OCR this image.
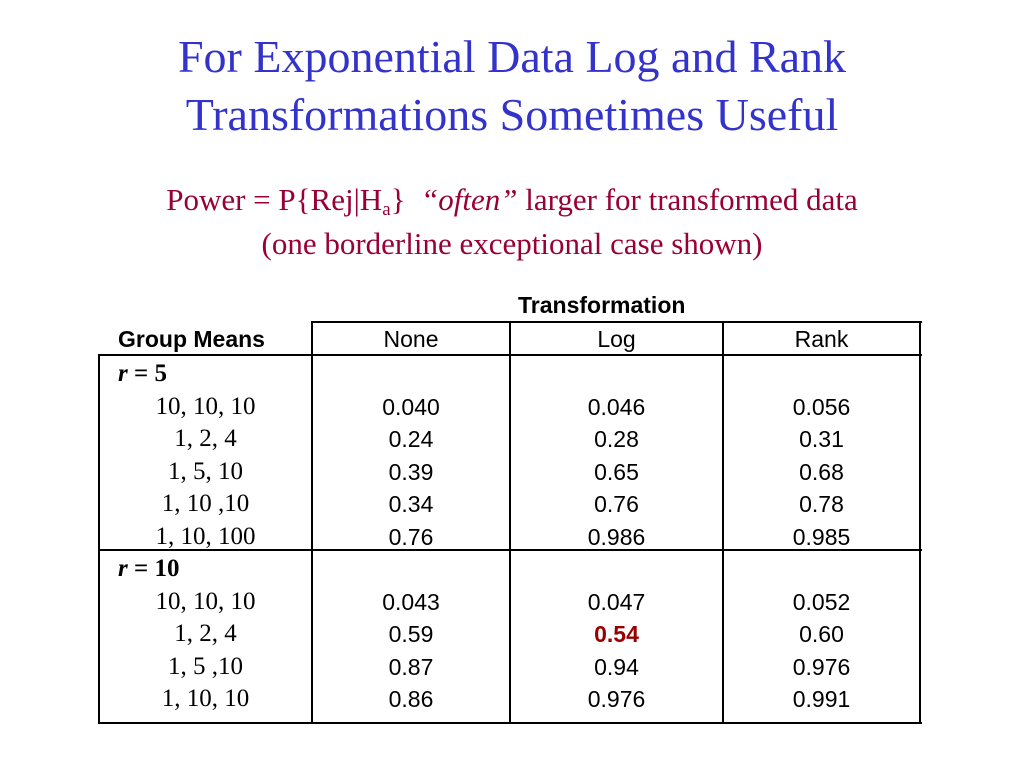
For Exponential Data Log and Rank
Transformations Sometimes Useful
Power = $P\{Rej|H_a\}$ “often” larger for transformed data
(one borderline exceptional case shown)
Transformation
Group Means	None	Log	Rank
r = 5
10, 10, 10	0.040	0.046	0.056
1, 2, 4	0.24	0.28	0.31
1, 5, 10	0.39	0.65	0.68
1, 10 ,10	0.34	0.76	0.78
1, 10, 100	0.76	0.986	0.985
r = 10
10, 10, 10	0.043	0.047	0.052
1, 2, 4	0.59	0.54	0.60
1, 5 ,10	0.87	0.94	0.976
1, 10, 10	0.86	0.976	0.991
